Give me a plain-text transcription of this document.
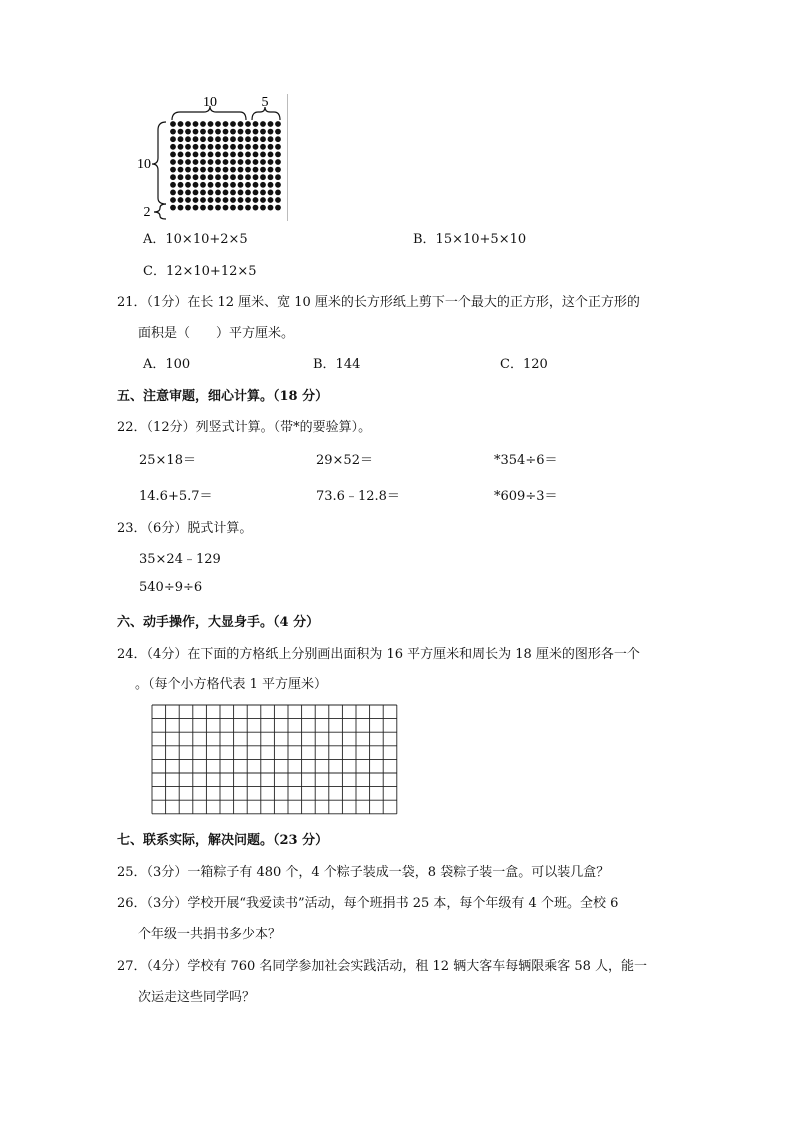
10	5
10
2
A．10×10+2×5	B．15×10+5×10
C．12×10+12×5
21．（1分）在长 12 厘米、宽 10 厘米的长方形纸上剪下一个最大的正方形，这个正方形的
面积是（　　）平方厘米。
A．100	B．144	C．120
五、注意审题，细心计算。（18 分）
22．（12分）列竖式计算。（带*的要验算）。
25×18＝	29×52＝	*354÷6＝
14.6+5.7＝	73.6﹣12.8＝	*609÷3＝
23．（6分）脱式计算。
35×24﹣129
540÷9÷6
六、动手操作，大显身手。（4 分）
24．（4分）在下面的方格纸上分别画出面积为 16 平方厘米和周长为 18 厘米的图形各一个
。（每个小方格代表 1 平方厘米）
七、联系实际，解决问题。（23 分）
25．（3分）一箱粽子有 480 个，4 个粽子装成一袋，8 袋粽子装一盒。可以装几盒？
26．（3分）学校开展“我爱读书”活动，每个班捐书 25 本，每个年级有 4 个班。全校 6
个年级一共捐书多少本？
27．（4分）学校有 760 名同学参加社会实践活动，租 12 辆大客车每辆限乘客 58 人，能一
次运走这些同学吗？
